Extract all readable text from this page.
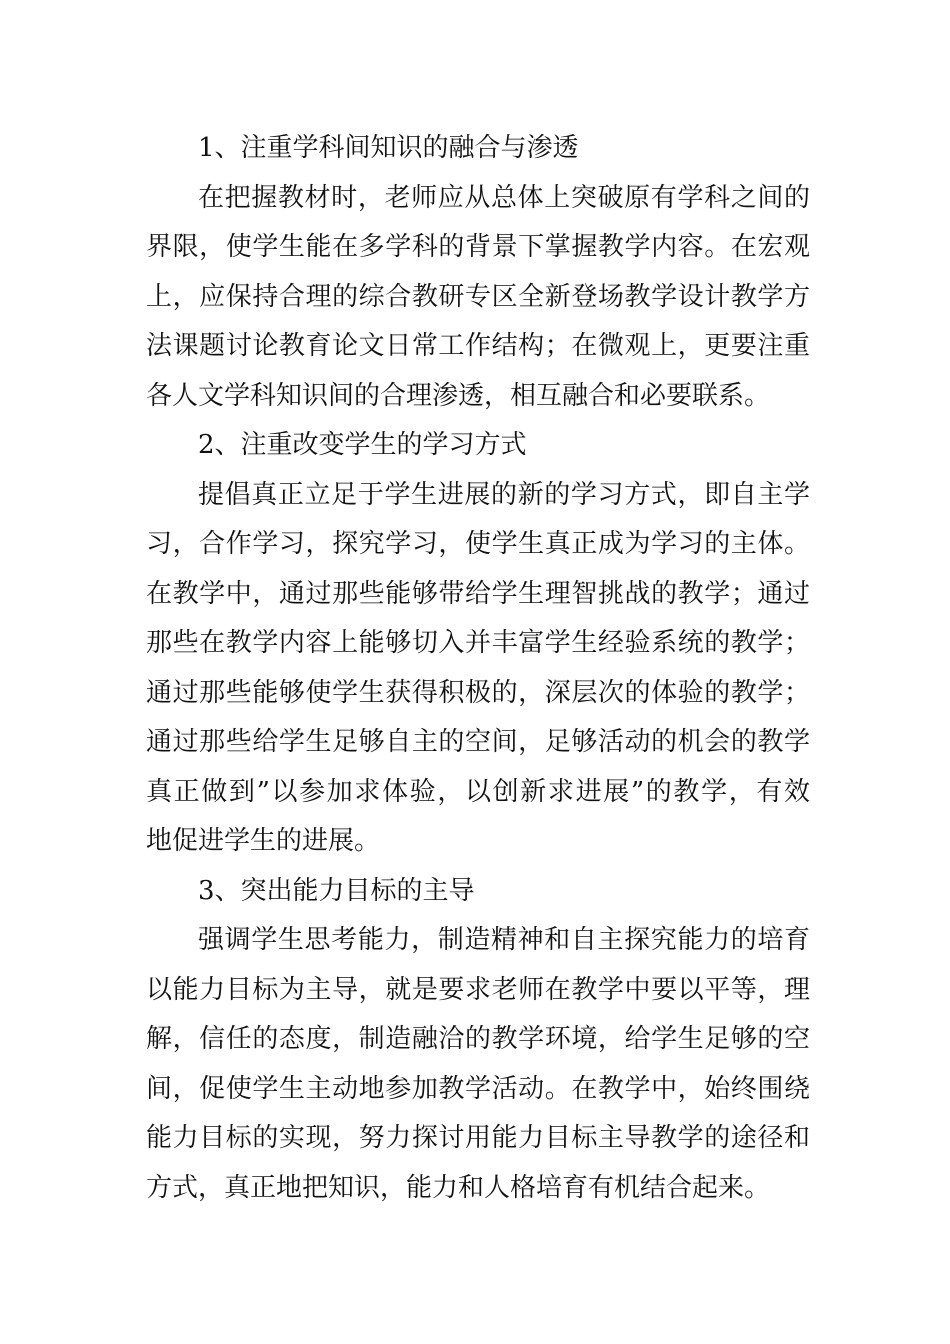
1、注重学科间知识的融合与渗透
在把握教材时，老师应从总体上突破原有学科之间的
界限，使学生能在多学科的背景下掌握教学内容。在宏观
上，应保持合理的综合教研专区全新登场教学设计教学方
法课题讨论教育论文日常工作结构；在微观上，更要注重
各人文学科知识间的合理渗透，相互融合和必要联系。
2、注重改变学生的学习方式
提倡真正立足于学生进展的新的学习方式，即自主学
习，合作学习，探究学习，使学生真正成为学习的主体。
在教学中，通过那些能够带给学生理智挑战的教学；通过
那些在教学内容上能够切入并丰富学生经验系统的教学；
通过那些能够使学生获得积极的，深层次的体验的教学；
通过那些给学生足够自主的空间，足够活动的机会的教学
真正做到”以参加求体验，以创新求进展”的教学，有效
地促进学生的进展。
3、突出能力目标的主导
强调学生思考能力，制造精神和自主探究能力的培育
以能力目标为主导，就是要求老师在教学中要以平等，理
解，信任的态度，制造融洽的教学环境，给学生足够的空
间，促使学生主动地参加教学活动。在教学中，始终围绕
能力目标的实现，努力探讨用能力目标主导教学的途径和
方式，真正地把知识，能力和人格培育有机结合起来。
